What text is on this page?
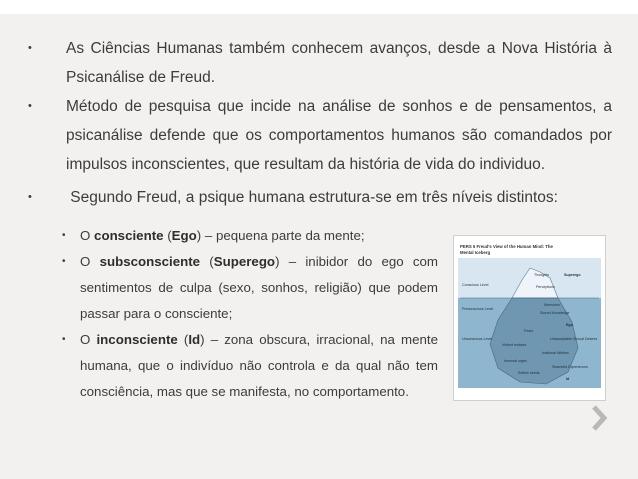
•	As Ciências Humanas também conhecem avanços, desde a Nova História à Psicanálise de Freud.
•	Método de pesquisa que incide na análise de sonhos e de pensamentos, a psicanálise defende que os comportamentos humanos são comandados por impulsos inconscientes, que resultam da história de vida do individuo.
•	Segundo Freud, a psique humana estrutura-se em três níveis distintos:
•	O consciente (Ego) – pequena parte da mente;
•	O subsconsciente (Superego) – inibidor do ego com sentimentos de culpa (sexo, sonhos, religião) que podem passar para o consciente;
•	O inconsciente (Id) – zona obscura, irracional, na mente humana, que o indivíduo não controla e da qual não tem consciência, mas que se manifesta, no comportamento.
PERS 5 Freud's View of the Human Mind: The
Mental Iceberg
Conscious Level
Preconscious Level
Unconscious Level
Thoughts
Perceptions
Memories
Stored Knowledge
Fears
Violent motives
Unacceptable Sexual Desires
Immoral urges
Irrational Wishes
Selfish needs
Shameful Experiences
Superego
Ego
Id
